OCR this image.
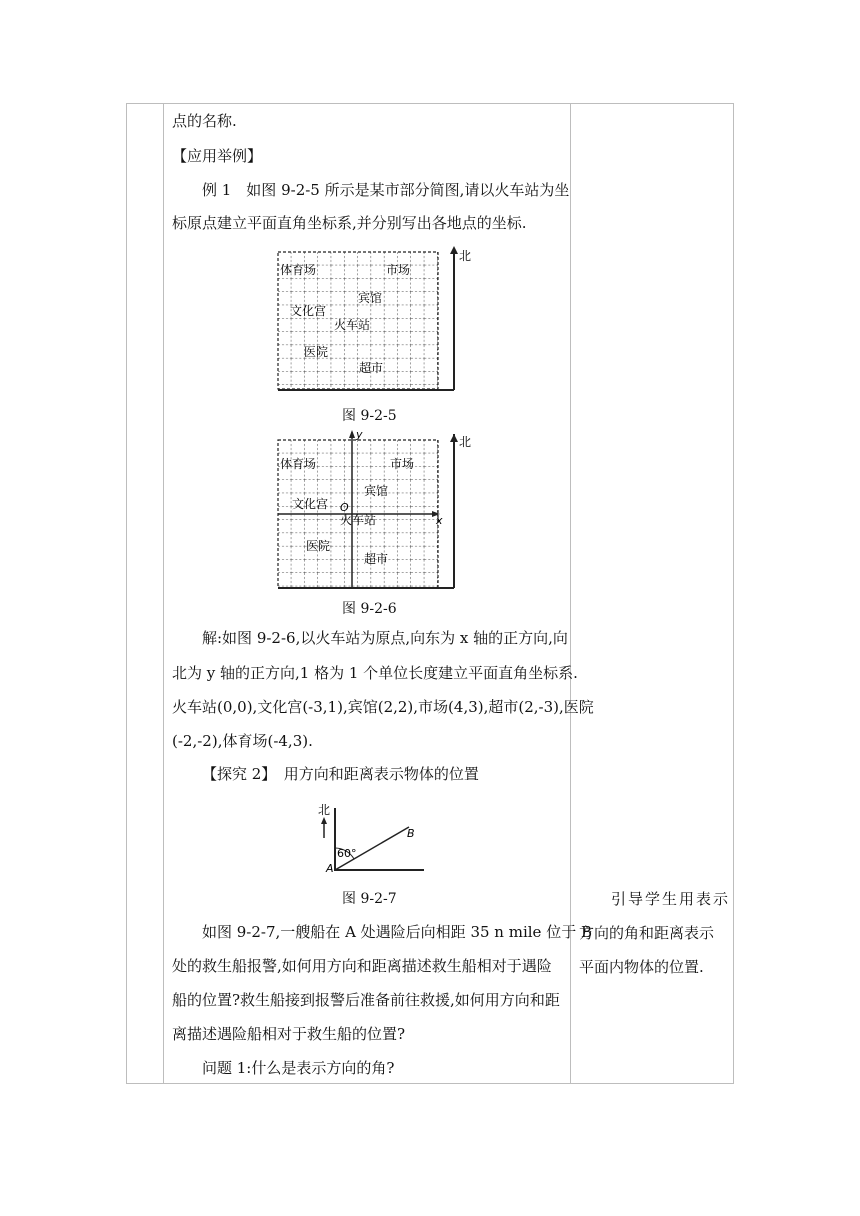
点的名称.
【应用举例】
例 1　如图 9-2-5 所示是某市部分简图,请以火车站为坐
标原点建立平面直角坐标系,并分别写出各地点的坐标.
北
体育场	市场
宾馆
文化宫
火车站
医院
超市
图 9-2-5
北
y
x
O
体育场	市场
宾馆
文化宫
火车站
医院
超市
图 9-2-6
解:如图 9-2-6,以火车站为原点,向东为 x 轴的正方向,向
北为 y 轴的正方向,1 格为 1 个单位长度建立平面直角坐标系.
火车站(0,0),文化宫(-3,1),宾馆(2,2),市场(4,3),超市(2,-3),医院
(-2,-2),体育场(-4,3).
【探究 2】　用方向和距离表示物体的位置
北
60°
A
B
图 9-2-7
如图 9-2-7,一艘船在 A 处遇险后向相距 35 n mile 位于 B
处的救生船报警,如何用方向和距离描述救生船相对于遇险
船的位置?救生船接到报警后准备前往救援,如何用方向和距
离描述遇险船相对于救生船的位置?
问题 1:什么是表示方向的角?
引导学生用表示
方向的角和距离表示
平面内物体的位置.
